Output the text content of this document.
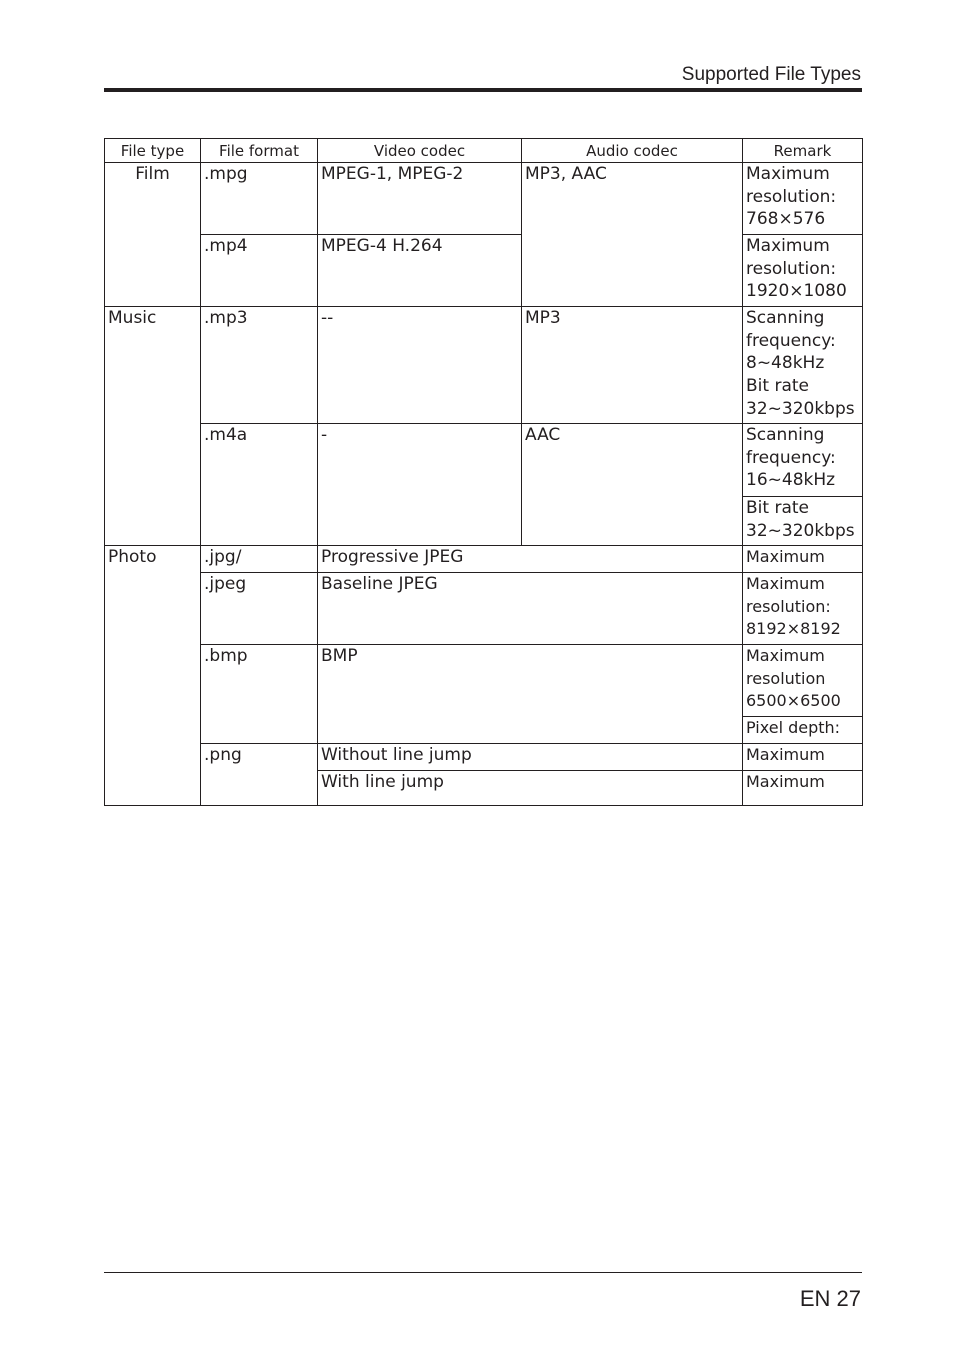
Supported File Types
File type	File format	Video codec	Audio codec	Remark
Film	.mpg	MPEG-1, MPEG-2	MP3, AAC	Maximum
resolution:
768×576

	.mp4	MPEG-4 H.264		Maximum
resolution:
1920×1080

Music	.mp3	--	MP3	Scanning
frequency:
8~48kHz
Bit rate
32~320kbps

	.m4a	-	AAC	Scanning
frequency:
16~48kHz

				Bit rate
32~320kbps

Photo	.jpg/	Progressive JPEG		Maximum
	.jpeg	Baseline JPEG		Maximum
resolution:
8192×8192

	.bmp	BMP		Maximum
resolution
6500×6500

				Pixel depth:
	.png	Without line jump		Maximum
		With line jump		Maximum
EN 27
